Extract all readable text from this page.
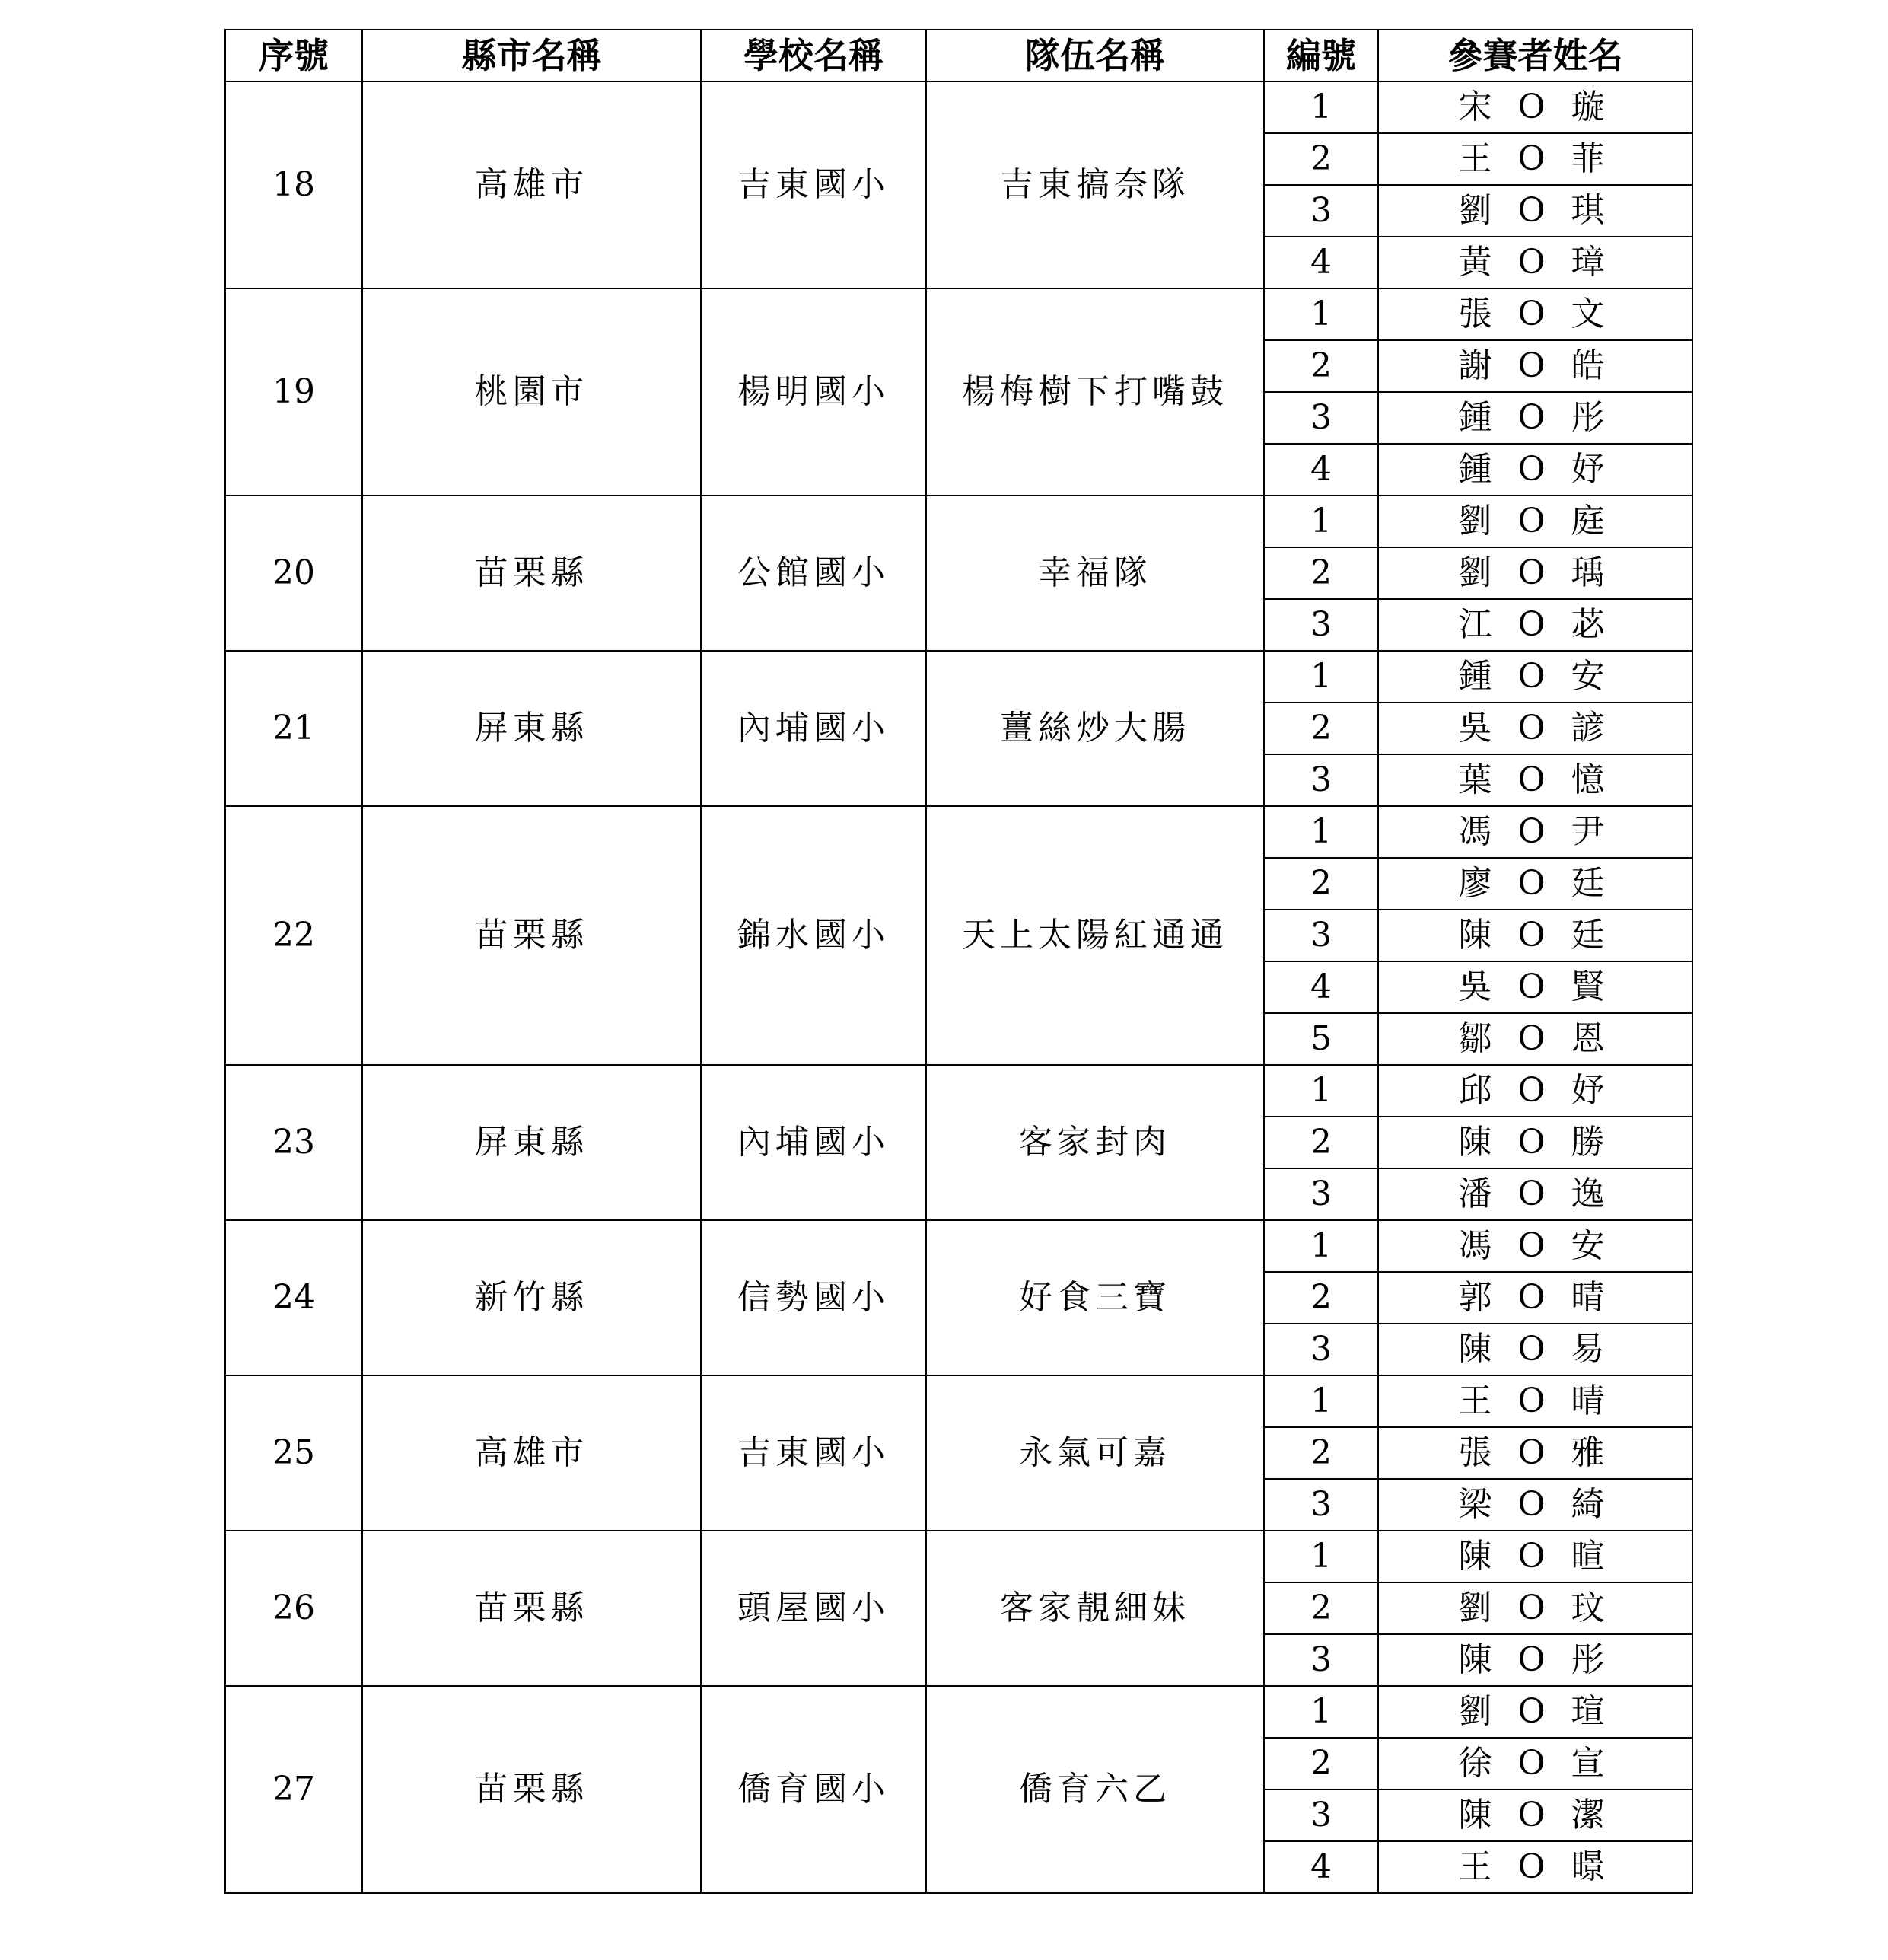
序號	縣市名稱	學校名稱	隊伍名稱	編號	參賽者姓名
18	高雄市	吉東國小	吉東搞奈隊	1	宋 O 璇
				2	王 O 菲
				3	劉 O 琪
				4	黃 O 璋
19	桃園市	楊明國小	楊梅樹下打嘴鼓	1	張 O 文
				2	謝 O 皓
				3	鍾 O 彤
				4	鍾 O 妤
20	苗栗縣	公館國小	幸福隊	1	劉 O 庭
				2	劉 O 瑀
				3	江 O 苾
21	屏東縣	內埔國小	薑絲炒大腸	1	鍾 O 安
				2	吳 O 諺
				3	葉 O 憶
22	苗栗縣	錦水國小	天上太陽紅通通	1	馮 O 尹
				2	廖 O 廷
				3	陳 O 廷
				4	吳 O 賢
				5	鄒 O 恩
23	屏東縣	內埔國小	客家封肉	1	邱 O 妤
				2	陳 O 勝
				3	潘 O 逸
24	新竹縣	信勢國小	好食三寶	1	馮 O 安
				2	郭 O 晴
				3	陳 O 易
25	高雄市	吉東國小	永氣可嘉	1	王 O 晴
				2	張 O 雅
				3	梁 O 綺
26	苗栗縣	頭屋國小	客家靚細妹	1	陳 O 暄
				2	劉 O 玟
				3	陳 O 彤
27	苗栗縣	僑育國小	僑育六乙	1	劉 O 瑄
				2	徐 O 宣
				3	陳 O 潔
				4	王 O 暻
